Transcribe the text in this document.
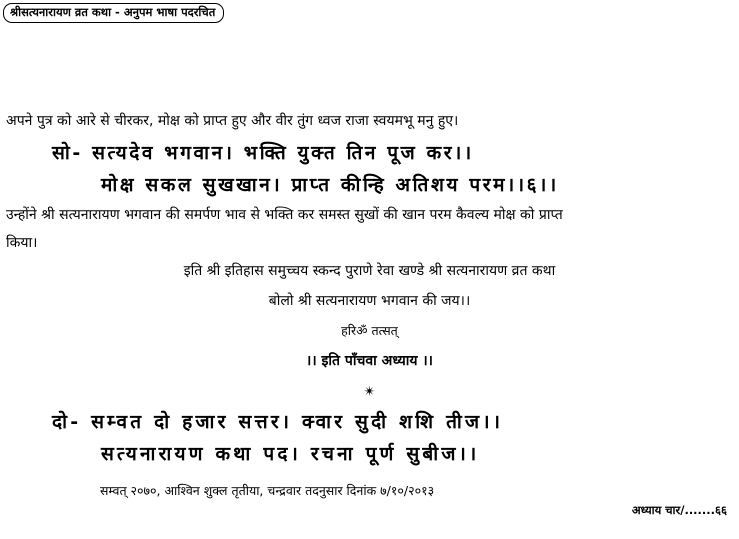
श्रीसत्यनारायण व्रत कथा - अनुपम भाषा पदरचित
अपने पुत्र को आरे से चीरकर, मोक्ष को प्राप्त हुए और वीर तुंग ध्वज राजा स्वयमभू मनु हुए।
सो- सत्यदेव भगवान। भक्ति युक्त तिन पूज कर।।
मोक्ष सकल सुखखान। प्राप्त कीन्हि अतिशय परम।।६।।
उन्होंने श्री सत्यनारायण भगवान की समर्पण भाव से भक्ति कर समस्त सुखों की खान परम कैवल्य मोक्ष को प्राप्त
किया।
इति श्री इतिहास समुच्चय स्कन्द पुराणे रेवा खण्डे श्री सत्यनारायण व्रत कथा
बोलो श्री सत्यनारायण भगवान की जय।।
हरिॐ तत्सत्
।। इति पाँचवा अध्याय ।।
✴
दो- सम्वत दो हजार सत्तर। क्वार सुदी शशि तीज।।
सत्यनारायण कथा पद। रचना पूर्ण सुबीज।।
सम्वत् २०७०, आश्विन शुक्ल तृतीया, चन्द्रवार तदनुसार दिनांक ७/१०/२०१३
अध्याय चार/.......६६
